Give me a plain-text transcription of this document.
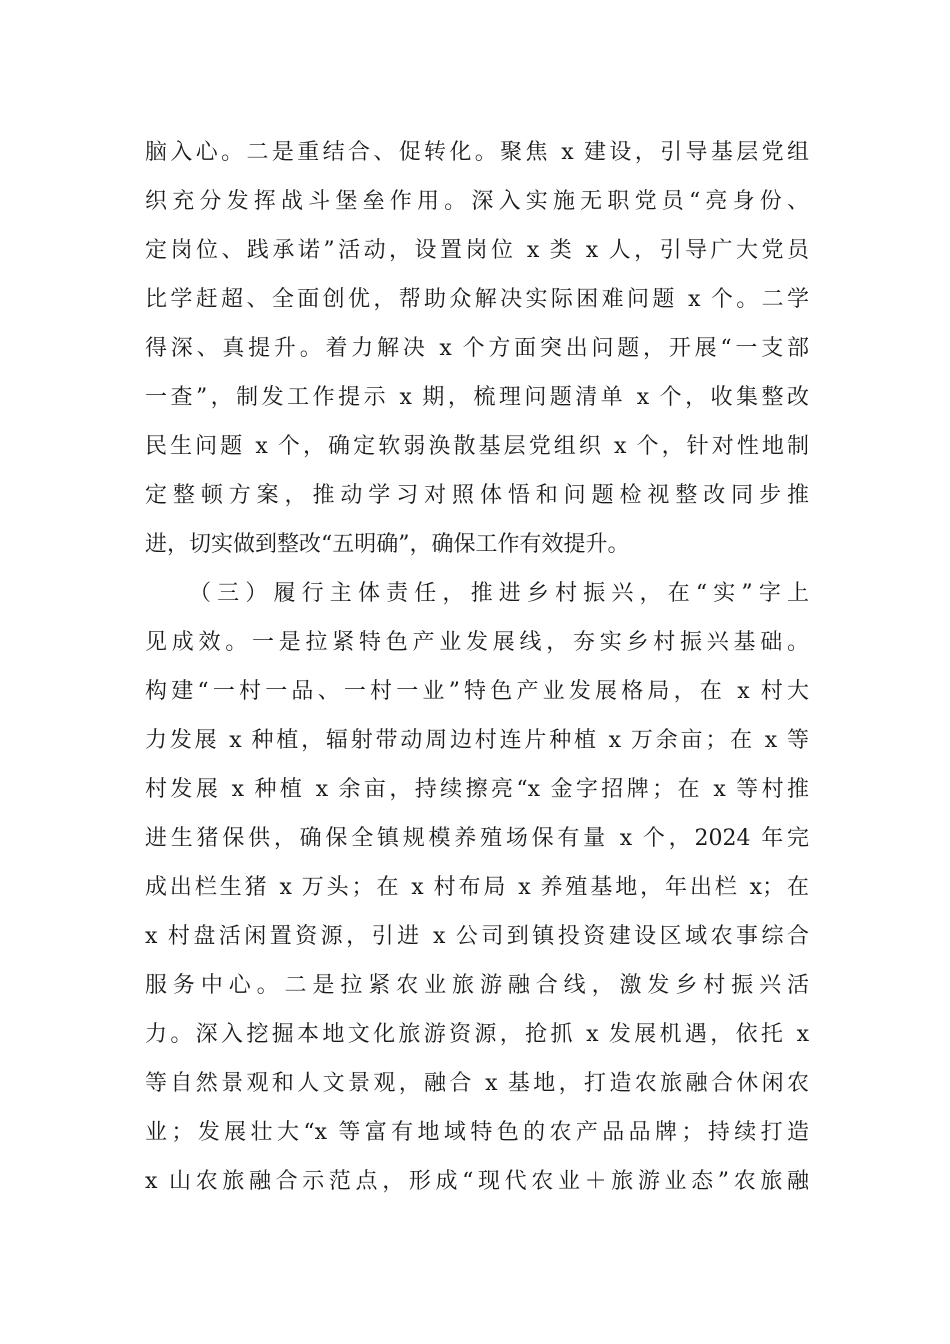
脑入心。二是重结合、促转化。聚焦 x 建设，引导基层党组
织充分发挥战斗堡垒作用。深入实施无职党员“亮身份、
定岗位、践承诺”活动，设置岗位 x 类 x 人，引导广大党员
比学赶超、全面创优，帮助众解决实际困难问题 x 个。二学
得深、真提升。着力解决 x 个方面突出问题，开展“一支部
一查”，制发工作提示 x 期，梳理问题清单 x 个，收集整改
民生问题 x 个，确定软弱涣散基层党组织 x 个，针对性地制
定整顿方案，推动学习对照体悟和问题检视整改同步推
进，切实做到整改“五明确”，确保工作有效提升。
（三）履行主体责任，推进乡村振兴，在“实”字上
见成效。一是拉紧特色产业发展线，夯实乡村振兴基础。
构建“一村一品、一村一业”特色产业发展格局，在 x 村大
力发展 x 种植，辐射带动周边村连片种植 x 万余亩；在 x 等
村发展 x 种植 x 余亩，持续擦亮“x 金字招牌；在 x 等村推
进生猪保供，确保全镇规模养殖场保有量 x 个，2024 年完
成出栏生猪 x 万头；在 x 村布局 x 养殖基地，年出栏 x；在
x 村盘活闲置资源，引进 x 公司到镇投资建设区域农事综合
服务中心。二是拉紧农业旅游融合线，激发乡村振兴活
力。深入挖掘本地文化旅游资源，抢抓 x 发展机遇，依托 x
等自然景观和人文景观，融合 x 基地，打造农旅融合休闲农
业；发展壮大“x 等富有地域特色的农产品品牌；持续打造
x 山农旅融合示范点，形成“现代农业＋旅游业态”农旅融
